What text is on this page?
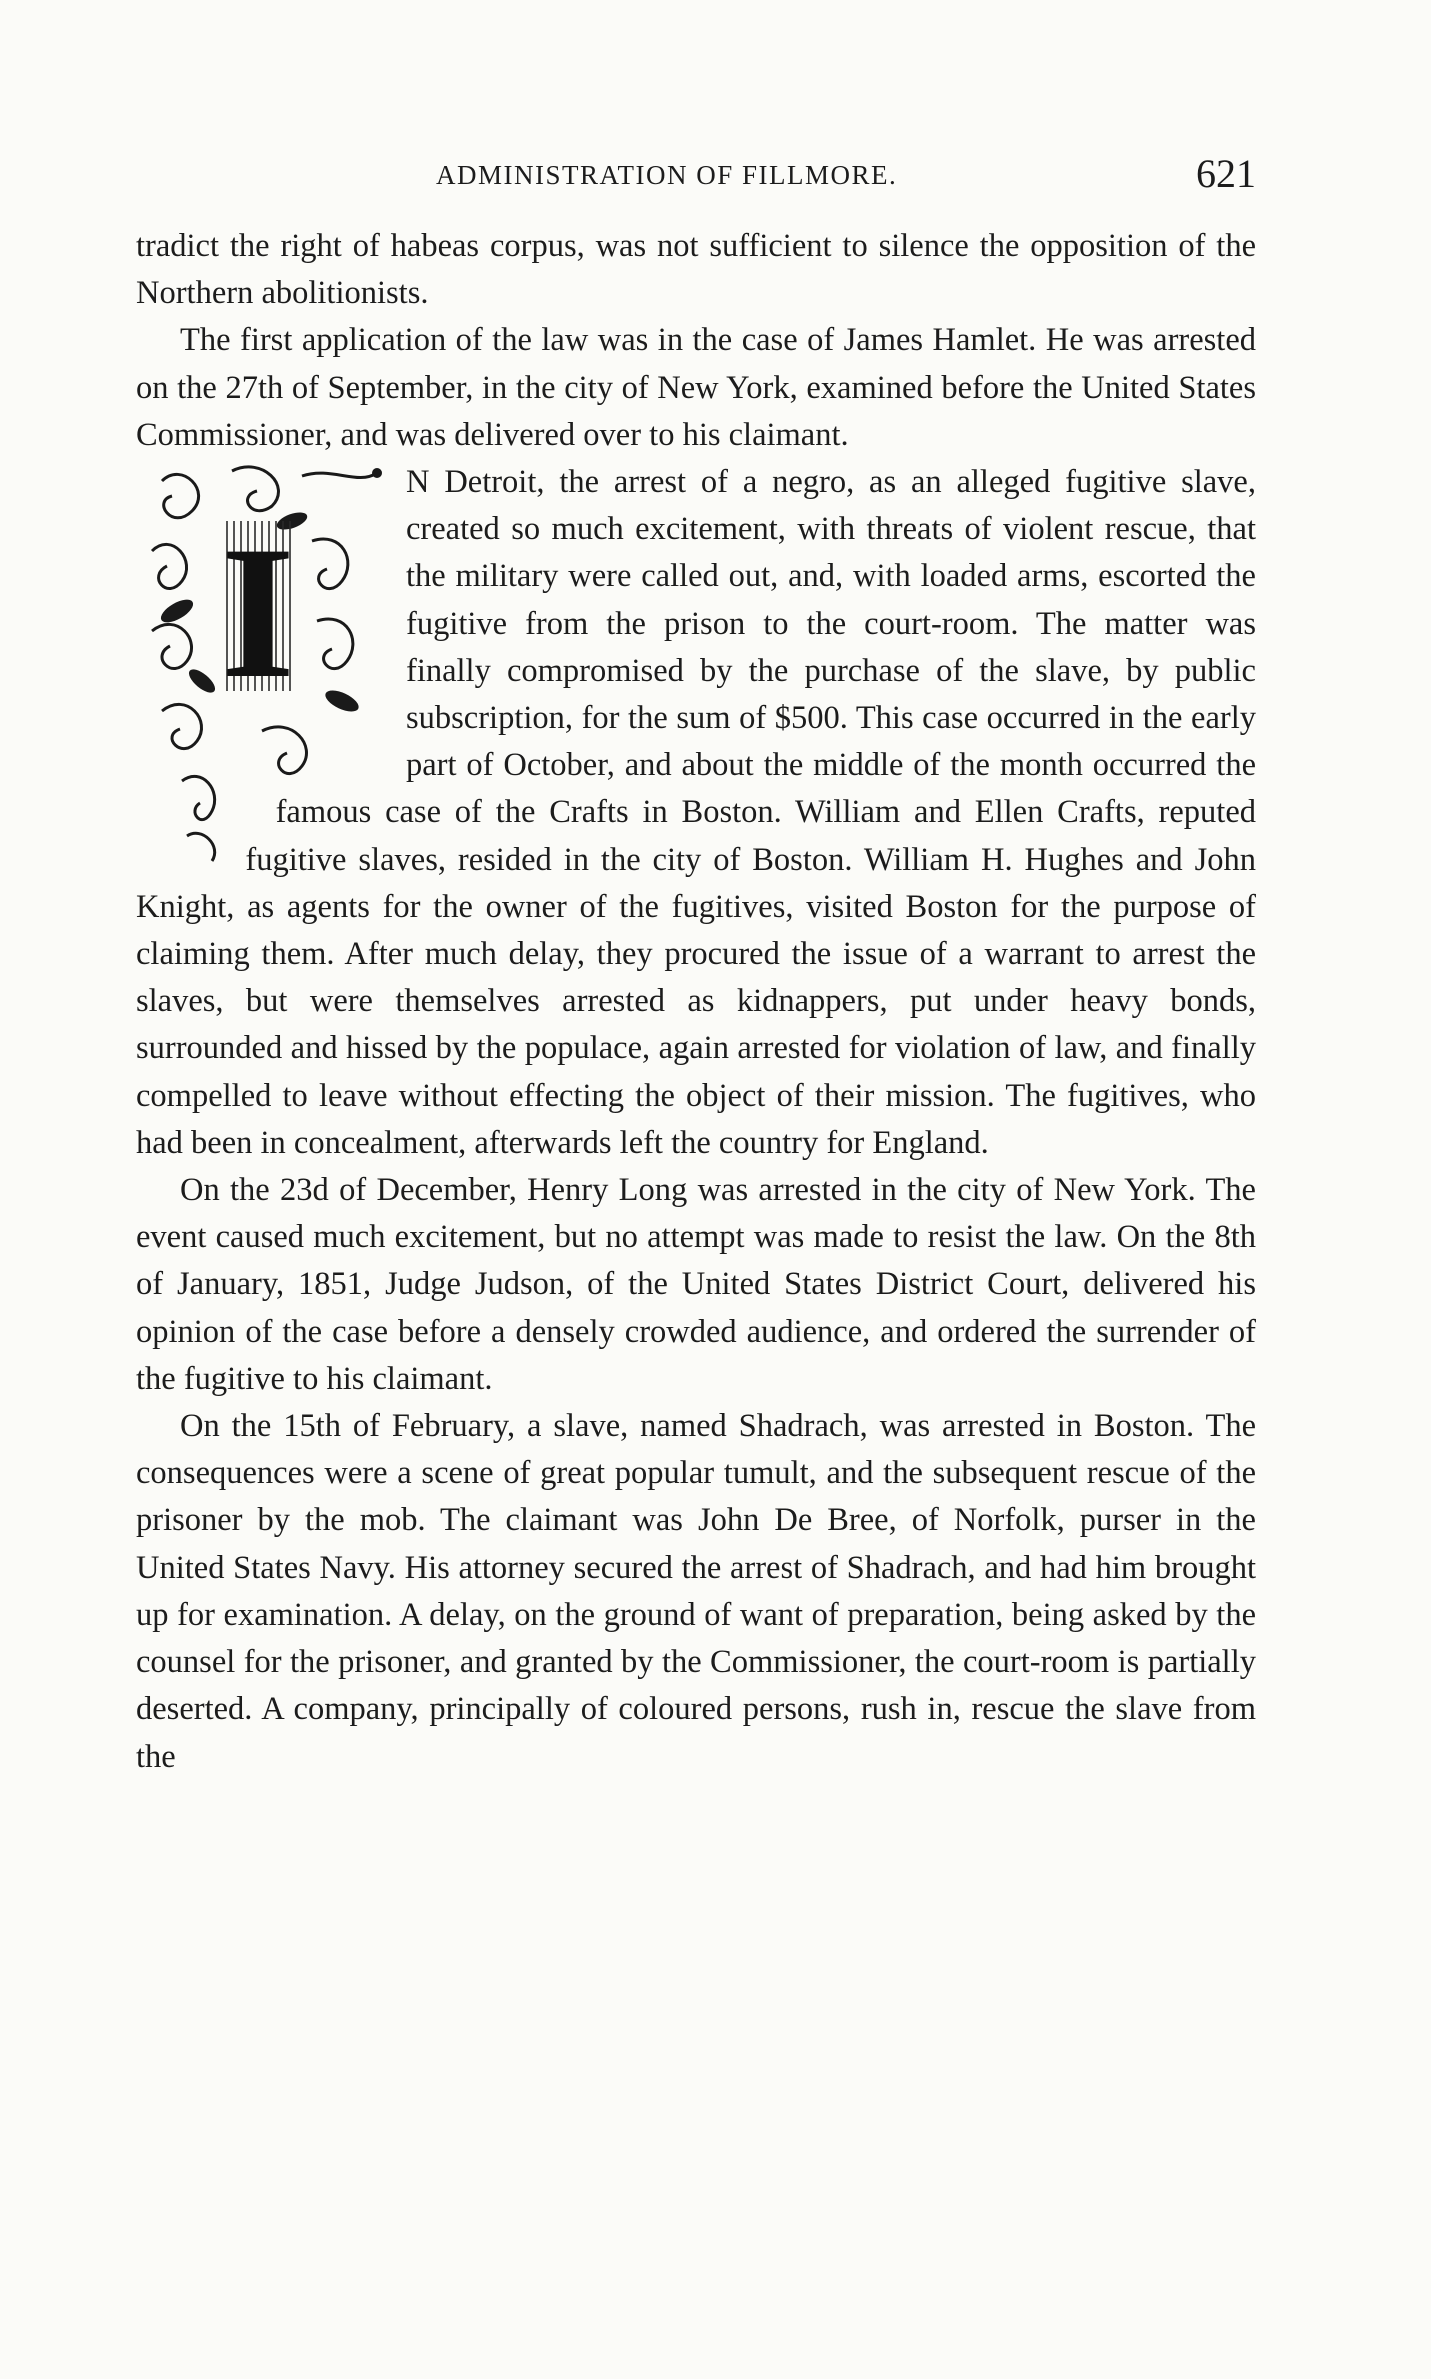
ADMINISTRATION OF FILLMORE.	621

tradict the right of habeas corpus, was not sufficient to silence the opposition of the Northern abolitionists.

The first application of the law was in the case of James Hamlet. He was arrested on the 27th of September, in the city of New York, examined before the United States Commissioner, and was delivered over to his claimant.

I

N Detroit, the arrest of a negro, as an alleged fugitive slave, created so much excitement, with threats of violent rescue, that the military were called out, and, with loaded arms, escorted the fugitive from the prison to the court-room. The matter was finally compromised by the purchase of the slave, by public subscription, for the sum of $500. This case occurred in the early part of October, and about the middle of the month occurred the famous case of the Crafts in Boston. William and Ellen Crafts, reputed fugitive slaves, resided in the city of Boston. William H. Hughes and John Knight, as agents for the owner of the fugitives, visited Boston for the purpose of claiming them. After much delay, they procured the issue of a warrant to arrest the slaves, but were themselves arrested as kidnappers, put under heavy bonds, surrounded and hissed by the populace, again arrested for violation of law, and finally compelled to leave without effecting the object of their mission. The fugitives, who had been in concealment, afterwards left the country for England.

On the 23d of December, Henry Long was arrested in the city of New York. The event caused much excitement, but no attempt was made to resist the law. On the 8th of January, 1851, Judge Judson, of the United States District Court, delivered his opinion of the case before a densely crowded audience, and ordered the surrender of the fugitive to his claimant.

On the 15th of February, a slave, named Shadrach, was arrested in Boston. The consequences were a scene of great popular tumult, and the subsequent rescue of the prisoner by the mob. The claimant was John De Bree, of Norfolk, purser in the United States Navy. His attorney secured the arrest of Shadrach, and had him brought up for examination. A delay, on the ground of want of preparation, being asked by the counsel for the prisoner, and granted by the Commissioner, the court-room is partially deserted. A company, principally of coloured persons, rush in, rescue the slave from the
